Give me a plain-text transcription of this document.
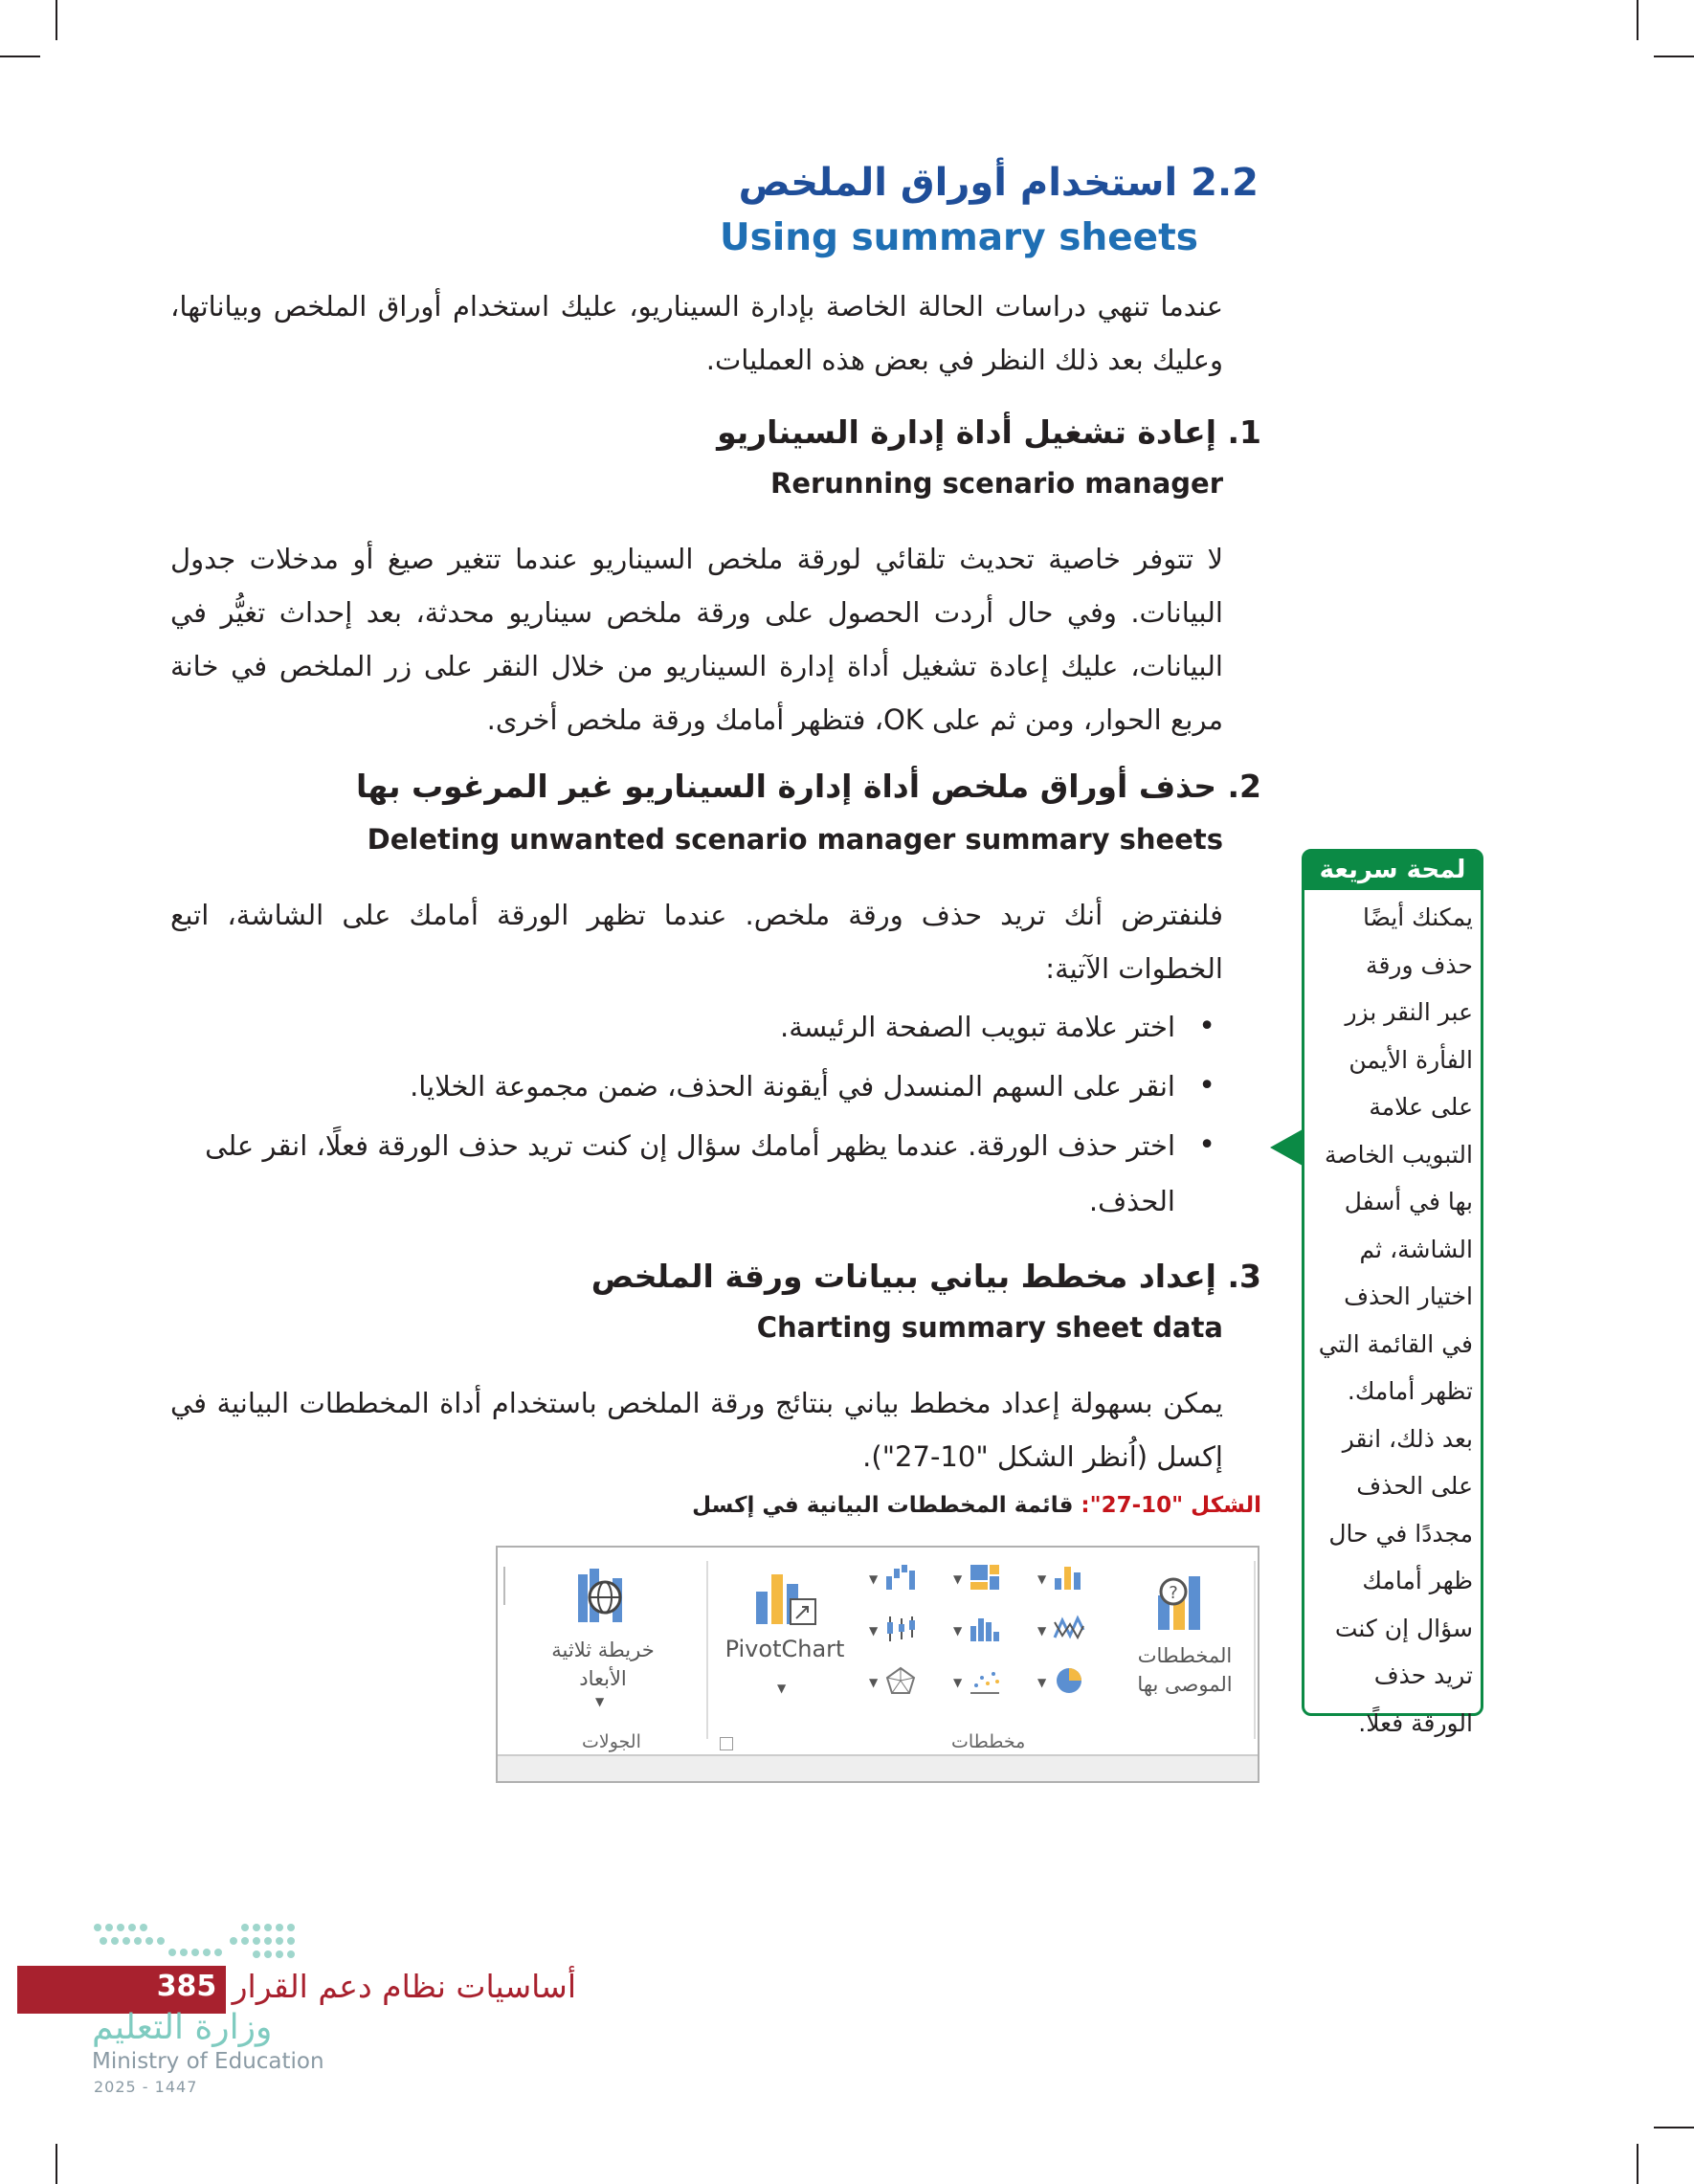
2.2 استخدام أوراق الملخص
Using summary sheets
عندما تنهي دراسات الحالة الخاصة بإدارة السيناريو، عليك استخدام أوراق الملخص وبياناتها، وعليك بعد ذلك النظر في بعض هذه العمليات.
1. إعادة تشغيل أداة إدارة السيناريو
Rerunning scenario manager
لا تتوفر خاصية تحديث تلقائي لورقة ملخص السيناريو عندما تتغير صيغ أو مدخلات جدول البيانات. وفي حال أردت الحصول على ورقة ملخص سيناريو محدثة، بعد إحداث تغيُّر في البيانات، عليك إعادة تشغيل أداة إدارة السيناريو من خلال النقر على زر الملخص في خانة مربع الحوار، ومن ثم على OK، فتظهر أمامك ورقة ملخص أخرى.
2. حذف أوراق ملخص أداة إدارة السيناريو غير المرغوب بها
Deleting unwanted scenario manager summary sheets
فلنفترض أنك تريد حذف ورقة ملخص. عندما تظهر الورقة أمامك على الشاشة، اتبع الخطوات الآتية:
• اختر علامة تبويب الصفحة الرئيسة.
• انقر على السهم المنسدل في أيقونة الحذف، ضمن مجموعة الخلايا.
• اختر حذف الورقة. عندما يظهر أمامك سؤال إن كنت تريد حذف الورقة فعلًا، انقر على الحذف.
3. إعداد مخطط بياني ببيانات ورقة الملخص
Charting summary sheet data
يمكن بسهولة إعداد مخطط بياني بنتائج ورقة الملخص باستخدام أداة المخططات البيانية في إكسل (اُنظر الشكل "10-27").
الشكل "10-27": قائمة المخططات البيانية في إكسل
خريطة ثلاثية الأبعاد
▼
الجولات
PivotChart
▼
▼	▼	▼
▼	▼	▼
▼	▼	▼
?
المخططات الموصى بها
مخططات
لمحة سريعة
يمكنك أيضًا
حذف ورقة
عبر النقر بزر
الفأرة الأيمن
على علامة
التبويب الخاصة
بها في أسفل
الشاشة، ثم
اختيار الحذف
في القائمة التي
تظهر أمامك.
بعد ذلك، انقر
على الحذف
مجددًا في حال
ظهر أمامك
سؤال إن كنت
تريد حذف
الورقة فعلًا.
385 أساسيات نظام دعم القرار
وزارة التعليم
Ministry of Education
2025 - 1447
